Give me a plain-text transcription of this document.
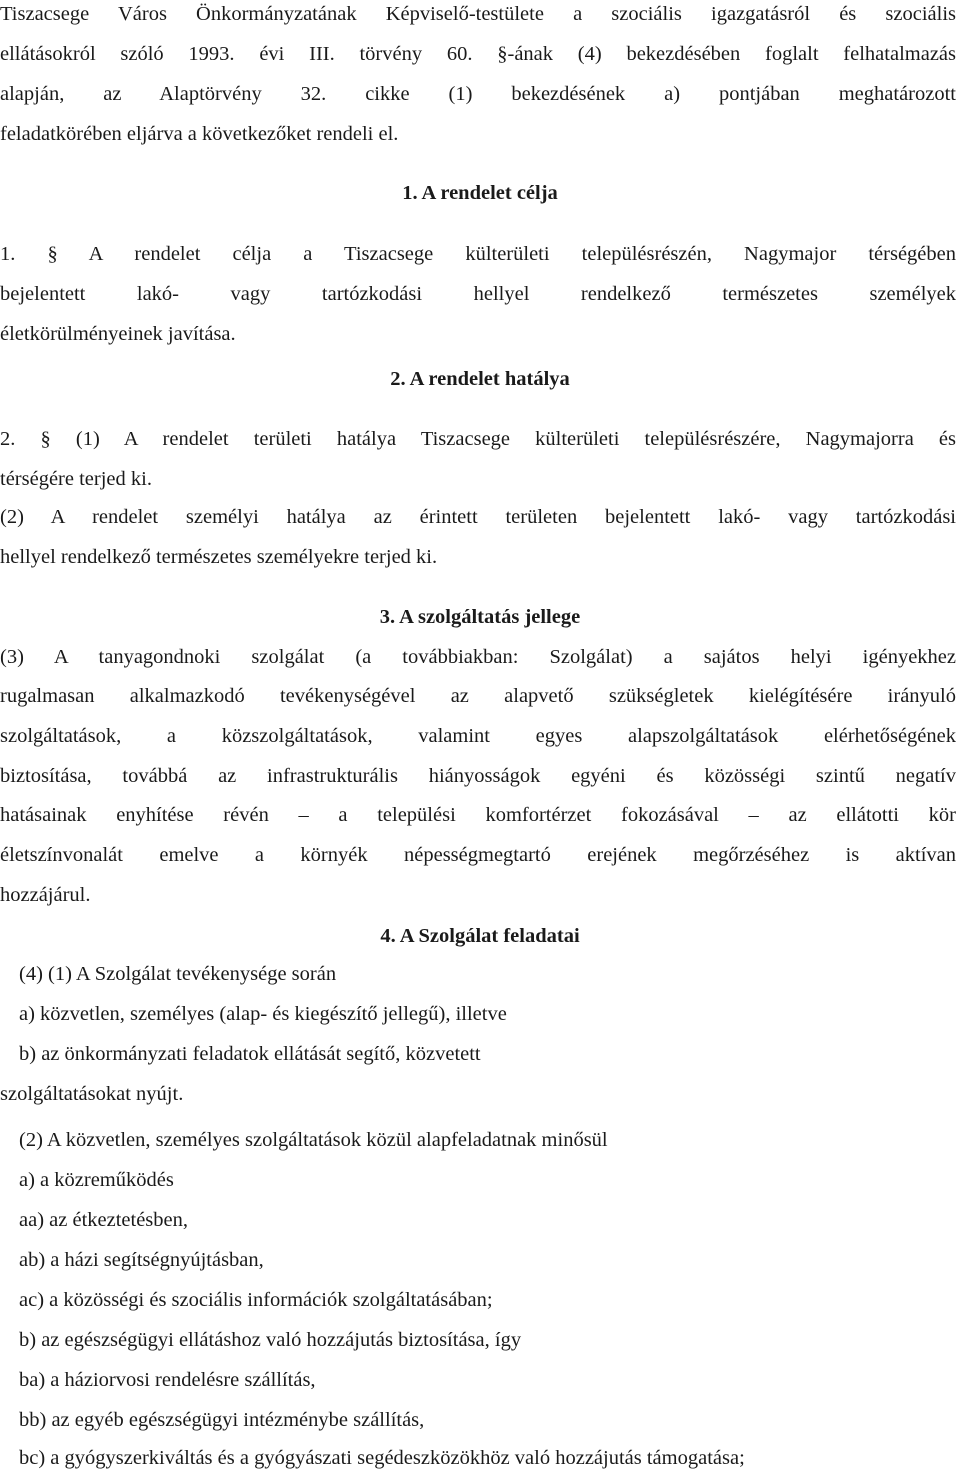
Tiszacsege Város Önkormányzatának Képviselő-testülete a szociális igazgatásról és szociális
ellátásokról szóló 1993. évi III. törvény 60. §-ának (4) bekezdésében foglalt felhatalmazás
alapján, az Alaptörvény 32. cikke (1) bekezdésének a) pontjában meghatározott
feladatkörében eljárva a következőket rendeli el.
1. A rendelet célja
1. § A rendelet célja a Tiszacsege külterületi településrészén, Nagymajor térségében
bejelentett lakó- vagy tartózkodási hellyel rendelkező természetes személyek
életkörülményeinek javítása.
2. A rendelet hatálya
2. § (1) A rendelet területi hatálya Tiszacsege külterületi településrészére, Nagymajorra és
térségére terjed ki.
(2) A rendelet személyi hatálya az érintett területen bejelentett lakó- vagy tartózkodási
hellyel rendelkező természetes személyekre terjed ki.
3. A szolgáltatás jellege
(3) A tanyagondnoki szolgálat (a továbbiakban: Szolgálat) a sajátos helyi igényekhez
rugalmasan alkalmazkodó tevékenységével az alapvető szükségletek kielégítésére irányuló
szolgáltatások, a közszolgáltatások, valamint egyes alapszolgáltatások elérhetőségének
biztosítása, továbbá az infrastrukturális hiányosságok egyéni és közösségi szintű negatív
hatásainak enyhítése révén – a települési komfortérzet fokozásával – az ellátotti kör
életszínvonalát emelve a környék népességmegtartó erejének megőrzéséhez is aktívan
hozzájárul.
4. A Szolgálat feladatai
(4) (1) A Szolgálat tevékenysége során
a) közvetlen, személyes (alap- és kiegészítő jellegű), illetve
b) az önkormányzati feladatok ellátását segítő, közvetett
szolgáltatásokat nyújt.
(2) A közvetlen, személyes szolgáltatások közül alapfeladatnak minősül
a) a közreműködés
aa) az étkeztetésben,
ab) a házi segítségnyújtásban,
ac) a közösségi és szociális információk szolgáltatásában;
b) az egészségügyi ellátáshoz való hozzájutás biztosítása, így
ba) a háziorvosi rendelésre szállítás,
bb) az egyéb egészségügyi intézménybe szállítás,
bc) a gyógyszerkiváltás és a gyógyászati segédeszközökhöz való hozzájutás támogatása;
